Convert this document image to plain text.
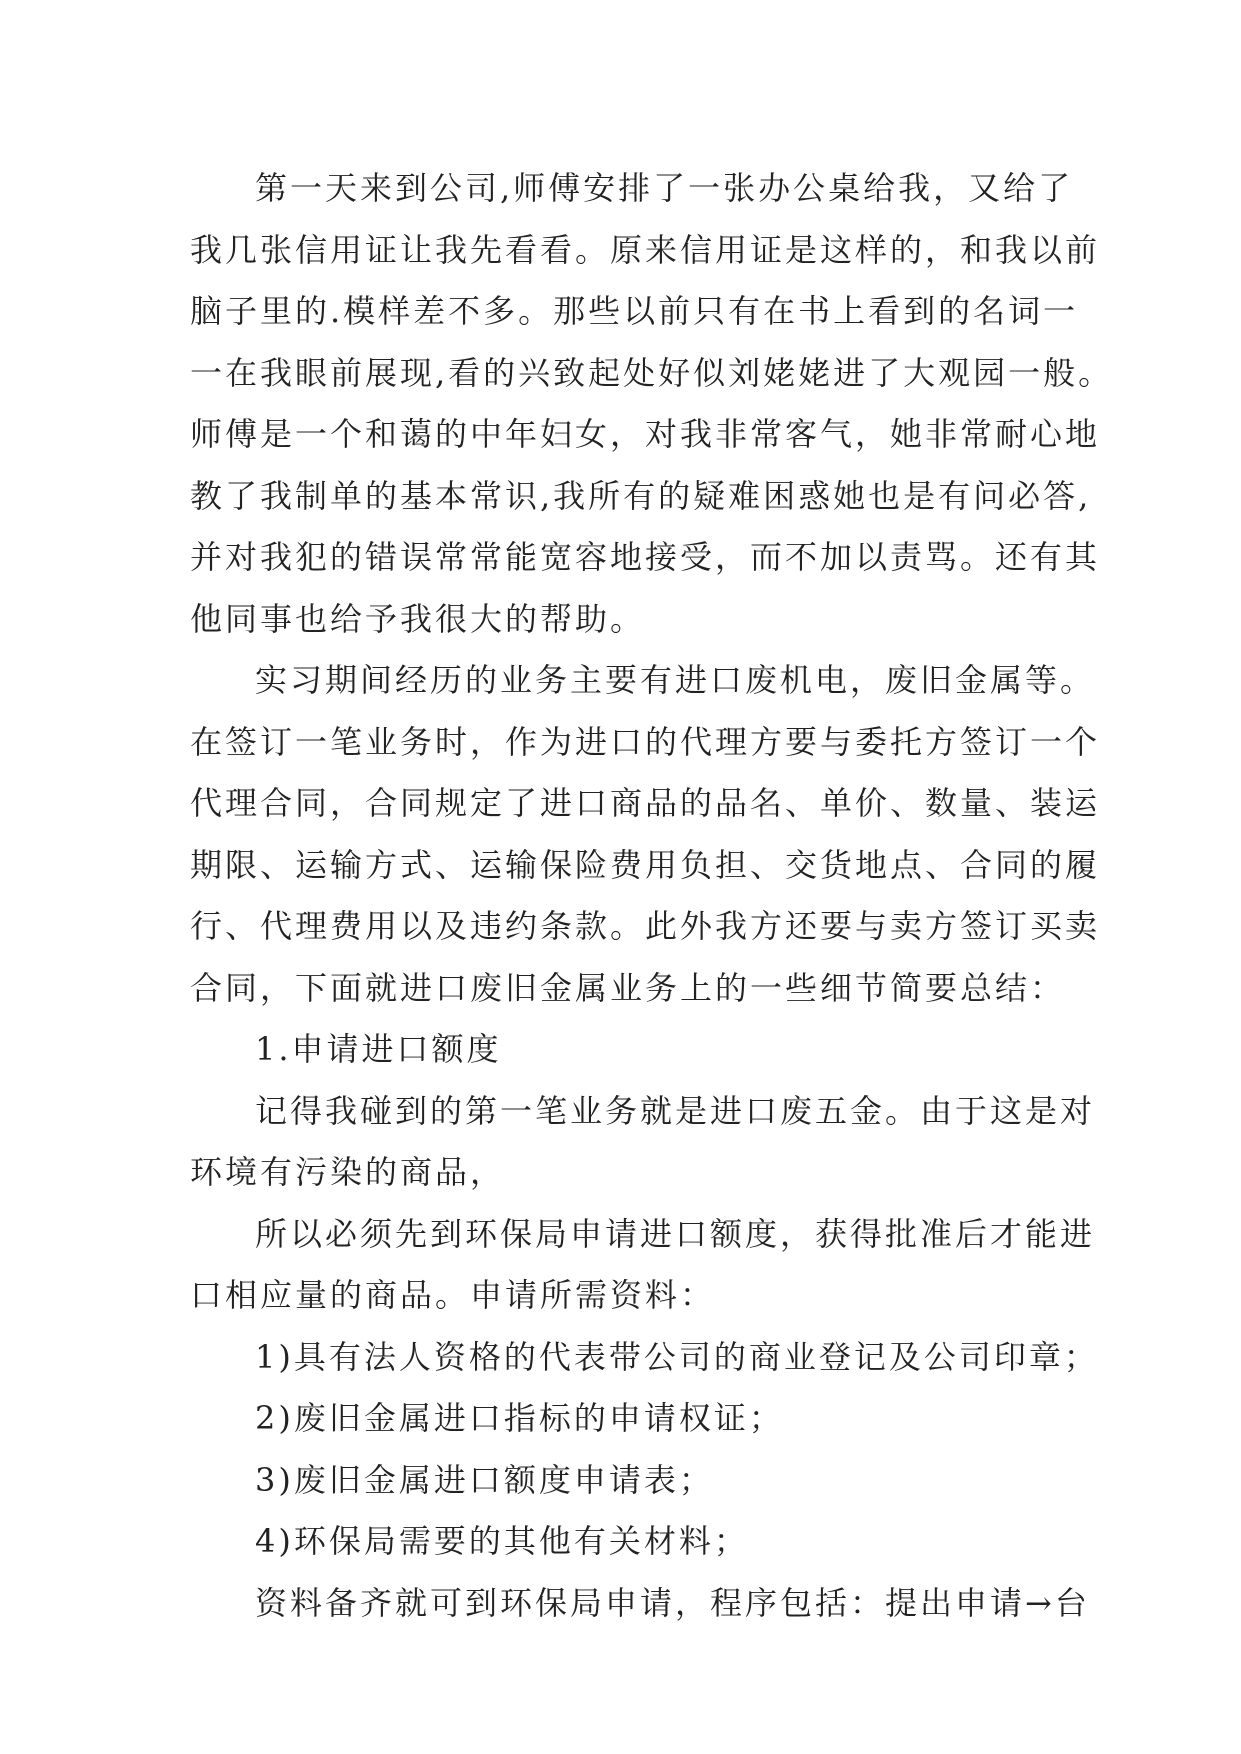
第一天来到公司,师傅安排了一张办公桌给我，又给了
我几张信用证让我先看看。原来信用证是这样的，和我以前
脑子里的.模样差不多。那些以前只有在书上看到的名词一
一在我眼前展现,看的兴致起处好似刘姥姥进了大观园一般。
师傅是一个和蔼的中年妇女，对我非常客气，她非常耐心地
教了我制单的基本常识,我所有的疑难困惑她也是有问必答,
并对我犯的错误常常能宽容地接受，而不加以责骂。还有其
他同事也给予我很大的帮助。
实习期间经历的业务主要有进口废机电，废旧金属等。
在签订一笔业务时，作为进口的代理方要与委托方签订一个
代理合同，合同规定了进口商品的品名、单价、数量、装运
期限、运输方式、运输保险费用负担、交货地点、合同的履
行、代理费用以及违约条款。此外我方还要与卖方签订买卖
合同，下面就进口废旧金属业务上的一些细节简要总结：
1.申请进口额度
记得我碰到的第一笔业务就是进口废五金。由于这是对
环境有污染的商品，
所以必须先到环保局申请进口额度，获得批准后才能进
口相应量的商品。申请所需资料：
1)具有法人资格的代表带公司的商业登记及公司印章；
2)废旧金属进口指标的申请权证；
3)废旧金属进口额度申请表；
4)环保局需要的其他有关材料；
资料备齐就可到环保局申请，程序包括：提出申请→台
